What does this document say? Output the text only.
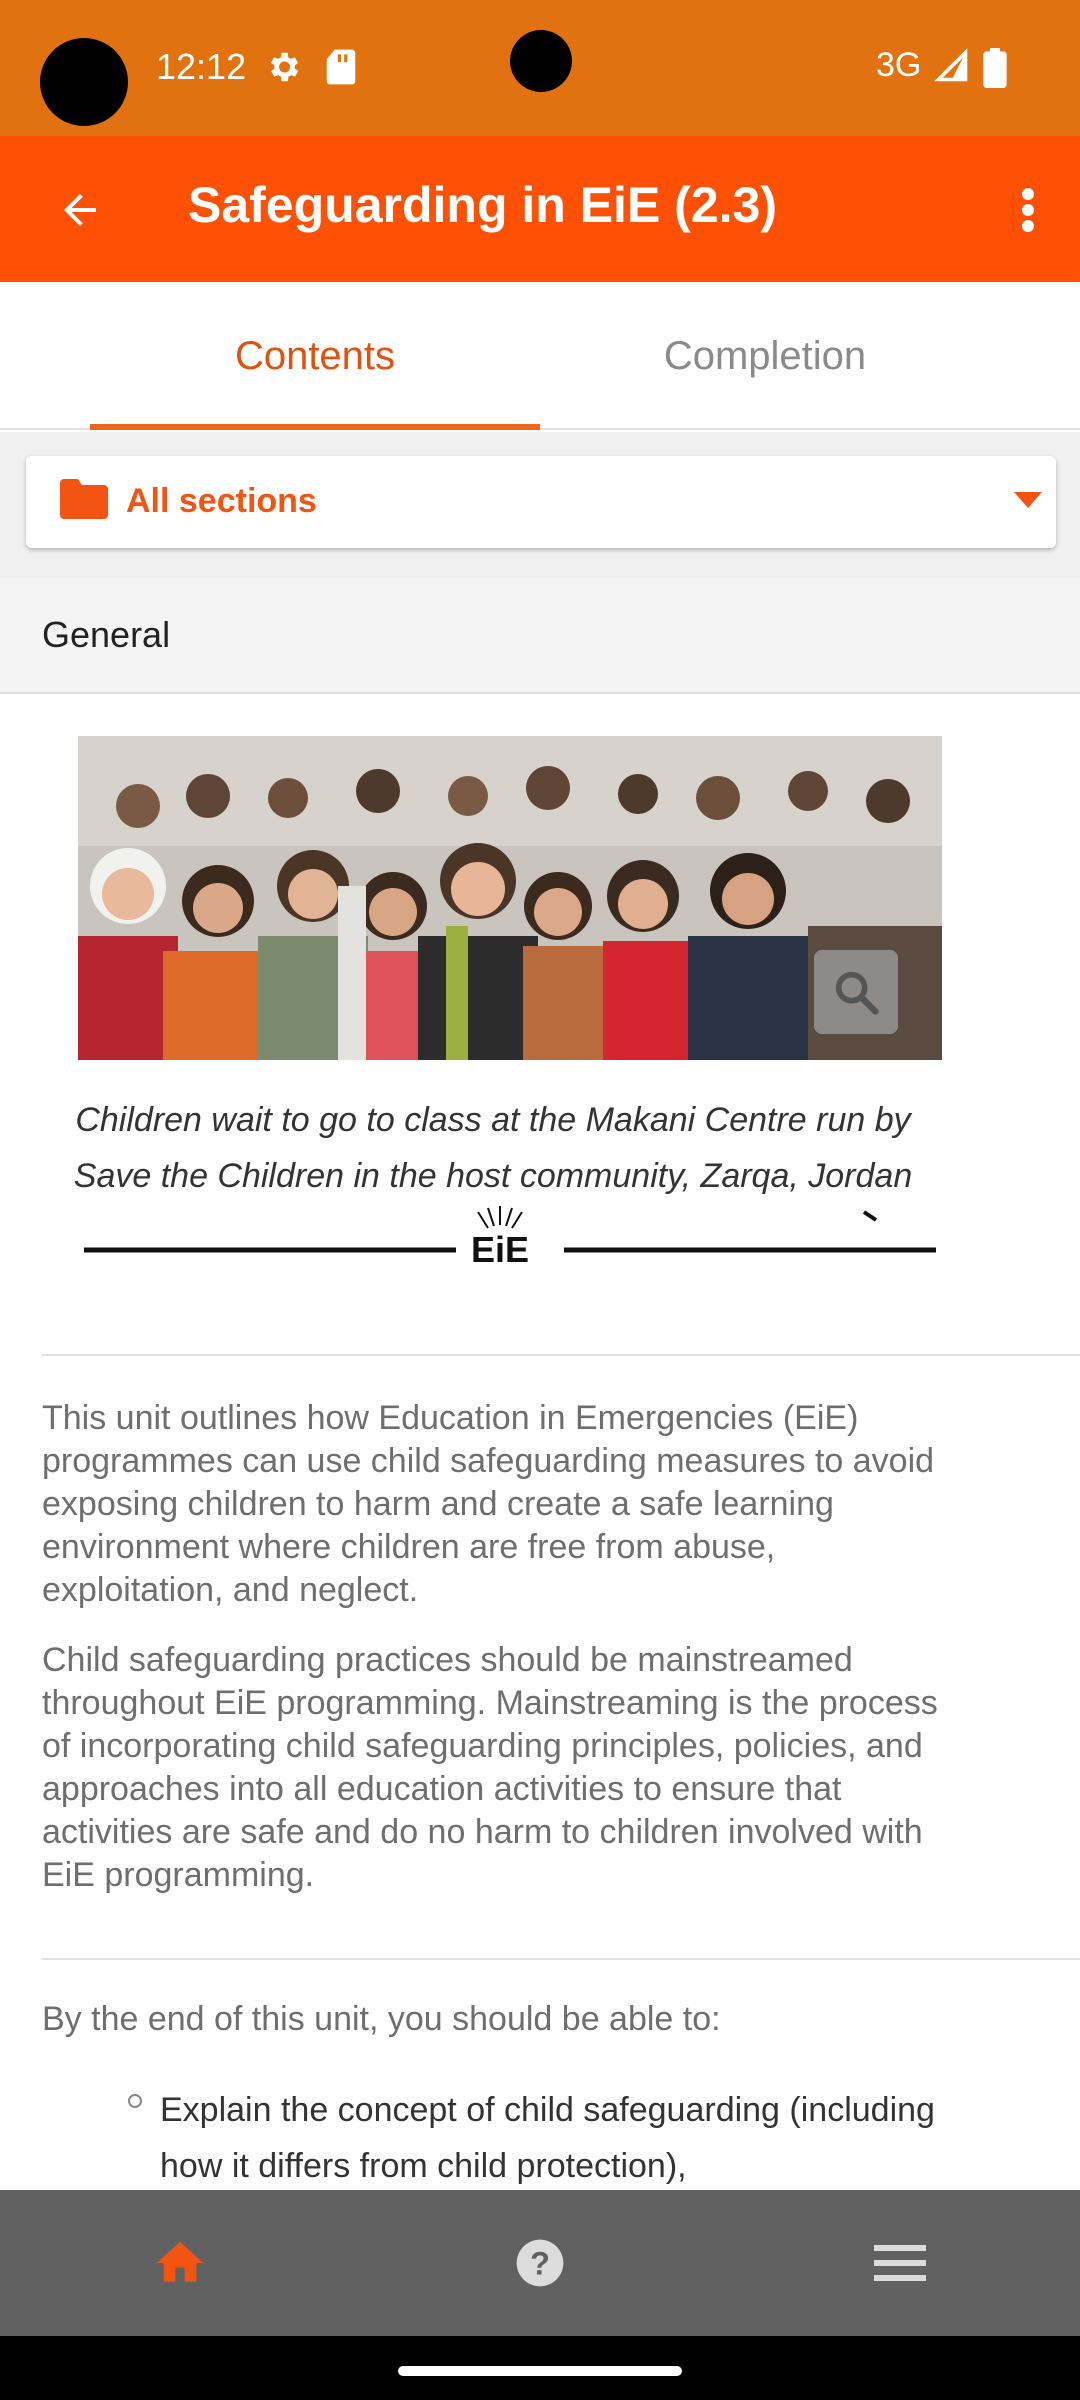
12:12	3G
Safeguarding in EiE (2.3)
Contents	Completion
All sections
General
Children wait to go to class at the Makani Centre run by Save the Children in the host community, Zarqa, Jordan
EiE

This unit outlines how Education in Emergencies (EiE) programmes can use child safeguarding measures to avoid exposing children to harm and create a safe learning environment where children are free from abuse, exploitation, and neglect.

Child safeguarding practices should be mainstreamed throughout EiE programming. Mainstreaming is the process of incorporating child safeguarding principles, policies, and approaches into all education activities to ensure that activities are safe and do no harm to children involved with EiE programming.

By the end of this unit, you should be able to:
Explain the concept of child safeguarding (including how it differs from child protection),
?
